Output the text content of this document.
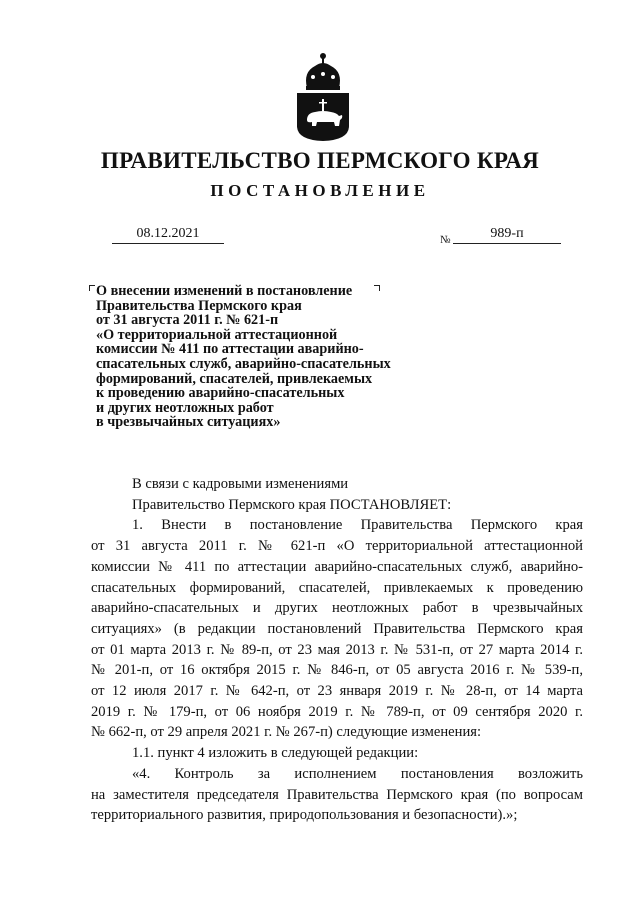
ПРАВИТЕЛЬСТВО ПЕРМСКОГО КРАЯ
ПОСТАНОВЛЕНИЕ
08.12.2021	№	989-п
О внесении изменений в постановление
Правительства Пермского края
от 31 августа 2011 г. № 621-п
«О территориальной аттестационной
комиссии № 411 по аттестации аварийно-
спасательных служб, аварийно-спасательных
формирований, спасателей, привлекаемых
к проведению аварийно-спасательных
и других неотложных работ
в чрезвычайных ситуациях»

В связи с кадровыми изменениями

Правительство Пермского края ПОСТАНОВЛЯЕТ:

1. Внести в постановление Правительства Пермского края
от 31 августа 2011 г. № 621-п «О территориальной аттестационной
комиссии № 411 по аттестации аварийно-спасательных служб, аварийно-
спасательных формирований, спасателей, привлекаемых к проведению
аварийно-спасательных и других неотложных работ в чрезвычайных
ситуациях» (в редакции постановлений Правительства Пермского края
от 01 марта 2013 г. № 89-п, от 23 мая 2013 г. № 531-п, от 27 марта 2014 г.
№ 201-п, от 16 октября 2015 г. № 846-п, от 05 августа 2016 г. № 539-п,
от 12 июля 2017 г. № 642-п, от 23 января 2019 г. № 28-п, от 14 марта
2019 г. № 179-п, от 06 ноября 2019 г. № 789-п, от 09 сентября 2020 г.
№ 662-п, от 29 апреля 2021 г. № 267-п) следующие изменения:

1.1. пункт 4 изложить в следующей редакции:

«4. Контроль за исполнением постановления возложить
на заместителя председателя Правительства Пермского края (по вопросам
территориального развития, природопользования и безопасности).»;
